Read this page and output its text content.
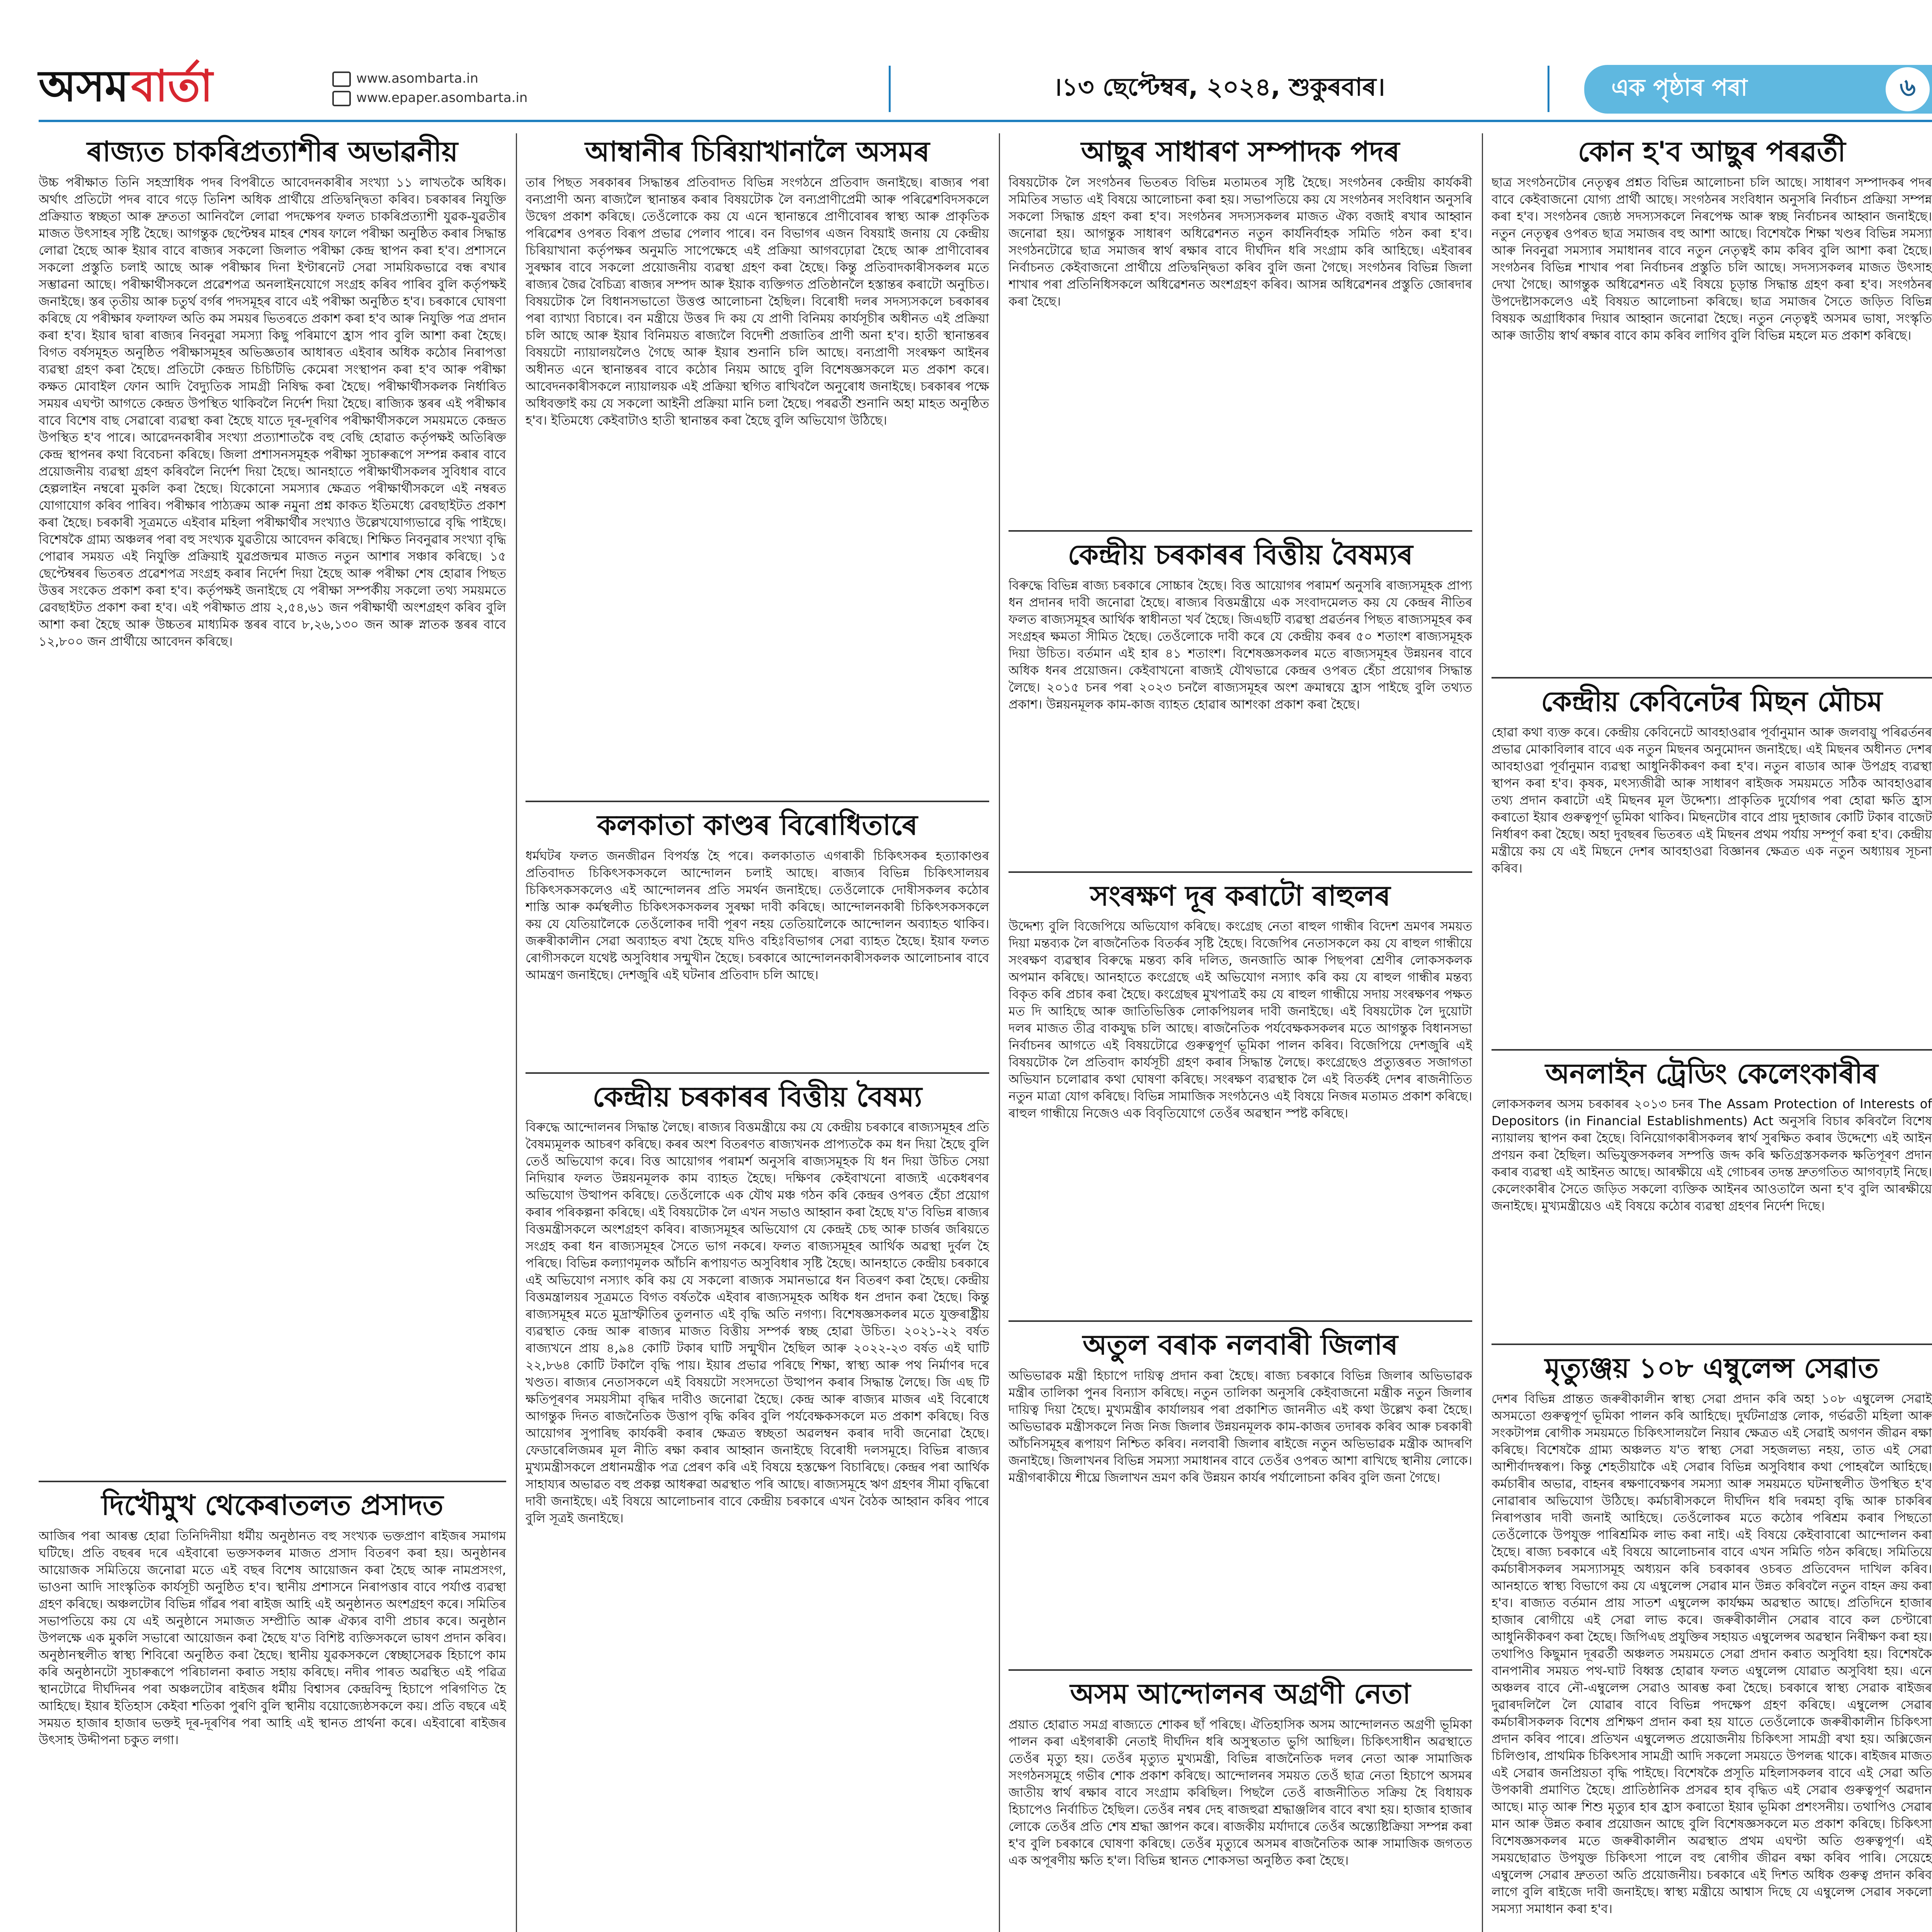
অসম বাৰ্তা	www.asombarta.in
www.epaper.asombarta.in	।১৩ ছেপ্টেম্বৰ, ২০২৪, শুকুৰবাৰ।	এক পৃষ্ঠাৰ পৰা	৬
ৰাজ্যত চাকৰিপ্ৰত্যাশীৰ অভাৱনীয়
উচ্চ পৰীক্ষাত তিনি সহস্ৰাধিক পদৰ বিপৰীতে আবেদনকাৰীৰ সংখ্যা ১১ লাখতকৈ অধিক। অৰ্থাৎ প্ৰতিটো পদৰ বাবে গড়ে তিনিশ অধিক প্ৰাৰ্থীয়ে প্ৰতিদ্বন্দ্বিতা কৰিব। চৰকাৰৰ নিযুক্তি প্ৰক্ৰিয়াত স্বচ্ছতা আৰু দ্ৰুততা আনিবলৈ লোৱা পদক্ষেপৰ ফলত চাকৰিপ্ৰত্যাশী যুৱক-যুৱতীৰ মাজত উৎসাহৰ সৃষ্টি হৈছে। আগন্তুক ছেপ্টেম্বৰ মাহৰ শেষৰ ফালে পৰীক্ষা অনুষ্ঠিত কৰাৰ সিদ্ধান্ত লোৱা হৈছে আৰু ইয়াৰ বাবে ৰাজ্যৰ সকলো জিলাত পৰীক্ষা কেন্দ্ৰ স্থাপন কৰা হ'ব। প্ৰশাসনে সকলো প্ৰস্তুতি চলাই আছে আৰু পৰীক্ষাৰ দিনা ইণ্টাৰনেট সেৱা সাময়িকভাৱে বন্ধ ৰখাৰ সম্ভাৱনা আছে। পৰীক্ষাৰ্থীসকলে প্ৰৱেশপত্ৰ অনলাইনযোগে সংগ্ৰহ কৰিব পাৰিব বুলি কৰ্তৃপক্ষই জনাইছে। স্তৰ তৃতীয় আৰু চতুৰ্থ বৰ্গৰ পদসমূহৰ বাবে এই পৰীক্ষা অনুষ্ঠিত হ'ব। চৰকাৰে ঘোষণা কৰিছে যে পৰীক্ষাৰ ফলাফল অতি কম সময়ৰ ভিতৰতে প্ৰকাশ কৰা হ'ব আৰু নিযুক্তি পত্ৰ প্ৰদান কৰা হ'ব। ইয়াৰ দ্বাৰা ৰাজ্যৰ নিবনুৱা সমস্যা কিছু পৰিমাণে হ্ৰাস পাব বুলি আশা কৰা হৈছে। বিগত বৰ্ষসমূহত অনুষ্ঠিত পৰীক্ষাসমূহৰ অভিজ্ঞতাৰ আধাৰত এইবাৰ অধিক কঠোৰ নিৰাপত্তা ব্যৱস্থা গ্ৰহণ কৰা হৈছে। প্ৰতিটো কেন্দ্ৰত চিচিটিভি কেমেৰা সংস্থাপন কৰা হ'ব আৰু পৰীক্ষা কক্ষত মোবাইল ফোন আদি বৈদ্যুতিক সামগ্ৰী নিষিদ্ধ কৰা হৈছে। পৰীক্ষাৰ্থীসকলক নিৰ্ধাৰিত সময়ৰ এঘণ্টা আগতে কেন্দ্ৰত উপস্থিত থাকিবলৈ নিৰ্দেশ দিয়া হৈছে। ৰাজ্যিক স্তৰৰ এই পৰীক্ষাৰ বাবে বিশেষ বাছ সেৱাৰো ব্যৱস্থা কৰা হৈছে যাতে দূৰ-দূৰণিৰ পৰীক্ষাৰ্থীসকলে সময়মতে কেন্দ্ৰত উপস্থিত হ'ব পাৰে। আৱেদনকাৰীৰ সংখ্যা প্ৰত্যাশাতকৈ বহু বেছি হোৱাত কৰ্তৃপক্ষই অতিৰিক্ত কেন্দ্ৰ স্থাপনৰ কথা বিবেচনা কৰিছে। জিলা প্ৰশাসনসমূহক পৰীক্ষা সুচাৰুৰূপে সম্পন্ন কৰাৰ বাবে প্ৰয়োজনীয় ব্যৱস্থা গ্ৰহণ কৰিবলৈ নিৰ্দেশ দিয়া হৈছে। আনহাতে পৰীক্ষাৰ্থীসকলৰ সুবিধাৰ বাবে হেল্পলাইন নম্বৰো মুকলি কৰা হৈছে। যিকোনো সমস্যাৰ ক্ষেত্ৰত পৰীক্ষাৰ্থীসকলে এই নম্বৰত যোগাযোগ কৰিব পাৰিব। পৰীক্ষাৰ পাঠ্যক্ৰম আৰু নমুনা প্ৰশ্ন কাকত ইতিমধ্যে ৱেবছাইটত প্ৰকাশ কৰা হৈছে। চৰকাৰী সূত্ৰমতে এইবাৰ মহিলা পৰীক্ষাৰ্থীৰ সংখ্যাও উল্লেখযোগ্যভাৱে বৃদ্ধি পাইছে। বিশেষকৈ গ্ৰাম্য অঞ্চলৰ পৰা বহু সংখ্যক যুৱতীয়ে আবেদন কৰিছে। শিক্ষিত নিবনুৱাৰ সংখ্যা বৃদ্ধি পোৱাৰ সময়ত এই নিযুক্তি প্ৰক্ৰিয়াই যুৱপ্ৰজন্মৰ মাজত নতুন আশাৰ সঞ্চাৰ কৰিছে। ১৫ ছেপ্টেম্বৰৰ ভিতৰত প্ৰৱেশপত্ৰ সংগ্ৰহ কৰাৰ নিৰ্দেশ দিয়া হৈছে আৰু পৰীক্ষা শেষ হোৱাৰ পিছত উত্তৰ সংকেত প্ৰকাশ কৰা হ'ব। কৰ্তৃপক্ষই জনাইছে যে পৰীক্ষা সম্পৰ্কীয় সকলো তথ্য সময়মতে ৱেবছাইটত প্ৰকাশ কৰা হ'ব। এই পৰীক্ষাত প্ৰায় ২,৫৪,৬১ জন পৰীক্ষাৰ্থী অংশগ্ৰহণ কৰিব বুলি আশা কৰা হৈছে আৰু উচ্চতৰ মাধ্যমিক স্তৰৰ বাবে ৮,২৬,১৩০ জন আৰু স্নাতক স্তৰৰ বাবে ১২,৮০০ জন প্ৰাৰ্থীয়ে আবেদন কৰিছে।
দিখৌমুখ থেকেৰাতলত প্ৰসাদত
আজিৰ পৰা আৰম্ভ হোৱা তিনিদিনীয়া ধৰ্মীয় অনুষ্ঠানত বহু সংখ্যক ভক্তপ্ৰাণ ৰাইজৰ সমাগম ঘটিছে। প্ৰতি বছৰৰ দৰে এইবাৰো ভক্তসকলৰ মাজত প্ৰসাদ বিতৰণ কৰা হয়। অনুষ্ঠানৰ আয়োজক সমিতিয়ে জনোৱা মতে এই বছৰ বিশেষ আয়োজন কৰা হৈছে আৰু নামপ্ৰসংগ, ভাওনা আদি সাংস্কৃতিক কাৰ্যসূচী অনুষ্ঠিত হ'ব। স্থানীয় প্ৰশাসনে নিৰাপত্তাৰ বাবে পৰ্যাপ্ত ব্যৱস্থা গ্ৰহণ কৰিছে। অঞ্চলটোৰ বিভিন্ন গাঁৱৰ পৰা ৰাইজ আহি এই অনুষ্ঠানত অংশগ্ৰহণ কৰে। সমিতিৰ সভাপতিয়ে কয় যে এই অনুষ্ঠানে সমাজত সম্প্ৰীতি আৰু ঐক্যৰ বাণী প্ৰচাৰ কৰে। অনুষ্ঠান উপলক্ষে এক মুকলি সভাৰো আয়োজন কৰা হৈছে য'ত বিশিষ্ট ব্যক্তিসকলে ভাষণ প্ৰদান কৰিব। অনুষ্ঠানস্থলীত স্বাস্থ্য শিবিৰো অনুষ্ঠিত কৰা হৈছে। স্থানীয় যুৱকসকলে স্বেচ্ছাসেৱক হিচাপে কাম কৰি অনুষ্ঠানটো সুচাৰুৰূপে পৰিচালনা কৰাত সহায় কৰিছে। নদীৰ পাৰত অৱস্থিত এই পৱিত্ৰ স্থানটোৱে দীৰ্ঘদিনৰ পৰা অঞ্চলটোৰ ৰাইজৰ ধৰ্মীয় বিশ্বাসৰ কেন্দ্ৰবিন্দু হিচাপে পৰিগণিত হৈ আহিছে। ইয়াৰ ইতিহাস কেইবা শতিকা পুৰণি বুলি স্থানীয় বয়োজ্যেষ্ঠসকলে কয়। প্ৰতি বছৰে এই সময়ত হাজাৰ হাজাৰ ভক্তই দূৰ-দূৰণিৰ পৰা আহি এই স্থানত প্ৰাৰ্থনা কৰে। এইবাৰো ৰাইজৰ উৎসাহ উদ্দীপনা চকুত লগা।
আম্বানীৰ চিৰিয়াখানালৈ অসমৰ
তাৰ পিছত সৰকাৰৰ সিদ্ধান্তৰ প্ৰতিবাদত বিভিন্ন সংগঠনে প্ৰতিবাদ জনাইছে। ৰাজ্যৰ পৰা বন্যপ্ৰাণী অন্য ৰাজ্যলৈ স্থানান্তৰ কৰাৰ বিষয়টোক লৈ বন্যপ্ৰাণীপ্ৰেমী আৰু পৰিৱেশবিদসকলে উদ্বেগ প্ৰকাশ কৰিছে। তেওঁলোকে কয় যে এনে স্থানান্তৰে প্ৰাণীবোৰৰ স্বাস্থ্য আৰু প্ৰাকৃতিক পৰিৱেশৰ ওপৰত বিৰূপ প্ৰভাৱ পেলাব পাৰে। বন বিভাগৰ এজন বিষয়াই জনায় যে কেন্দ্ৰীয় চিৰিয়াখানা কৰ্তৃপক্ষৰ অনুমতি সাপেক্ষেহে এই প্ৰক্ৰিয়া আগবঢ়োৱা হৈছে আৰু প্ৰাণীবোৰৰ সুৰক্ষাৰ বাবে সকলো প্ৰয়োজনীয় ব্যৱস্থা গ্ৰহণ কৰা হৈছে। কিন্তু প্ৰতিবাদকাৰীসকলৰ মতে ৰাজ্যৰ জৈৱ বৈচিত্ৰ্য ৰাজ্যৰ সম্পদ আৰু ইয়াক ব্যক্তিগত প্ৰতিষ্ঠানলৈ হস্তান্তৰ কৰাটো অনুচিত। বিষয়টোক লৈ বিধানসভাতো উত্তপ্ত আলোচনা হৈছিল। বিৰোধী দলৰ সদস্যসকলে চৰকাৰৰ পৰা ব্যাখ্যা বিচাৰে। বন মন্ত্ৰীয়ে উত্তৰ দি কয় যে প্ৰাণী বিনিময় কাৰ্যসূচীৰ অধীনত এই প্ৰক্ৰিয়া চলি আছে আৰু ইয়াৰ বিনিময়ত ৰাজ্যলৈ বিদেশী প্ৰজাতিৰ প্ৰাণী অনা হ'ব। হাতী স্থানান্তৰৰ বিষয়টো ন্যায়ালয়লৈও গৈছে আৰু ইয়াৰ শুনানি চলি আছে। বন্যপ্ৰাণী সংৰক্ষণ আইনৰ অধীনত এনে স্থানান্তৰৰ বাবে কঠোৰ নিয়ম আছে বুলি বিশেষজ্ঞসকলে মত প্ৰকাশ কৰে। আবেদনকাৰীসকলে ন্যায়ালয়ক এই প্ৰক্ৰিয়া স্থগিত ৰাখিবলৈ অনুৰোধ জনাইছে। চৰকাৰৰ পক্ষে অধিবক্তাই কয় যে সকলো আইনী প্ৰক্ৰিয়া মানি চলা হৈছে। পৰৱৰ্তী শুনানি অহা মাহত অনুষ্ঠিত হ'ব। ইতিমধ্যে কেইবাটাও হাতী স্থানান্তৰ কৰা হৈছে বুলি অভিযোগ উঠিছে।
কলকাতা কাণ্ডৰ বিৰোধিতাৰে
ধৰ্মঘটৰ ফলত জনজীৱন বিপৰ্যস্ত হৈ পৰে। কলকাতাত এগৰাকী চিকিৎসকৰ হত্যাকাণ্ডৰ প্ৰতিবাদত চিকিৎসকসকলে আন্দোলন চলাই আছে। ৰাজ্যৰ বিভিন্ন চিকিৎসালয়ৰ চিকিৎসকসকলেও এই আন্দোলনৰ প্ৰতি সমৰ্থন জনাইছে। তেওঁলোকে দোষীসকলৰ কঠোৰ শাস্তি আৰু কৰ্মস্থলীত চিকিৎসকসকলৰ সুৰক্ষা দাবী কৰিছে। আন্দোলনকাৰী চিকিৎসকসকলে কয় যে যেতিয়ালৈকে তেওঁলোকৰ দাবী পূৰণ নহয় তেতিয়ালৈকে আন্দোলন অব্যাহত থাকিব। জৰুৰীকালীন সেৱা অব্যাহত ৰখা হৈছে যদিও বহিঃবিভাগৰ সেৱা ব্যাহত হৈছে। ইয়াৰ ফলত ৰোগীসকলে যথেষ্ট অসুবিধাৰ সন্মুখীন হৈছে। চৰকাৰে আন্দোলনকাৰীসকলক আলোচনাৰ বাবে আমন্ত্ৰণ জনাইছে। দেশজুৰি এই ঘটনাৰ প্ৰতিবাদ চলি আছে।
কেন্দ্ৰীয় চৰকাৰৰ বিত্তীয় বৈষম্য
বিৰুদ্ধে আন্দোলনৰ সিদ্ধান্ত লৈছে। ৰাজ্যৰ বিত্তমন্ত্ৰীয়ে কয় যে কেন্দ্ৰীয় চৰকাৰে ৰাজ্যসমূহৰ প্ৰতি বৈষম্যমূলক আচৰণ কৰিছে। কৰৰ অংশ বিতৰণত ৰাজ্যখনক প্ৰাপ্যতকৈ কম ধন দিয়া হৈছে বুলি তেওঁ অভিযোগ কৰে। বিত্ত আয়োগৰ পৰামৰ্শ অনুসৰি ৰাজ্যসমূহক যি ধন দিয়া উচিত সেয়া নিদিয়াৰ ফলত উন্নয়নমূলক কাম ব্যাহত হৈছে। দক্ষিণৰ কেইবাখনো ৰাজ্যই একেধৰণৰ অভিযোগ উত্থাপন কৰিছে। তেওঁলোকে এক যৌথ মঞ্চ গঠন কৰি কেন্দ্ৰৰ ওপৰত হেঁচা প্ৰয়োগ কৰাৰ পৰিকল্পনা কৰিছে। এই বিষয়টোক লৈ এখন সভাও আহ্বান কৰা হৈছে য'ত বিভিন্ন ৰাজ্যৰ বিত্তমন্ত্ৰীসকলে অংশগ্ৰহণ কৰিব। ৰাজ্যসমূহৰ অভিযোগ যে কেন্দ্ৰই চেছ আৰু চাৰ্জৰ জৰিয়তে সংগ্ৰহ কৰা ধন ৰাজ্যসমূহৰ সৈতে ভাগ নকৰে। ফলত ৰাজ্যসমূহৰ আৰ্থিক অৱস্থা দুৰ্বল হৈ পৰিছে। বিভিন্ন কল্যাণমূলক আঁচনি ৰূপায়ণত অসুবিধাৰ সৃষ্টি হৈছে। আনহাতে কেন্দ্ৰীয় চৰকাৰে এই অভিযোগ নস্যাৎ কৰি কয় যে সকলো ৰাজ্যক সমানভাৱে ধন বিতৰণ কৰা হৈছে। কেন্দ্ৰীয় বিত্তমন্ত্ৰালয়ৰ সূত্ৰমতে বিগত বৰ্ষতকৈ এইবাৰ ৰাজ্যসমূহক অধিক ধন প্ৰদান কৰা হৈছে। কিন্তু ৰাজ্যসমূহৰ মতে মুদ্ৰাস্ফীতিৰ তুলনাত এই বৃদ্ধি অতি নগণ্য। বিশেষজ্ঞসকলৰ মতে যুক্তৰাষ্ট্ৰীয় ব্যৱস্থাত কেন্দ্ৰ আৰু ৰাজ্যৰ মাজত বিত্তীয় সম্পৰ্ক স্বচ্ছ হোৱা উচিত। ২০২১-২২ বৰ্ষত ৰাজ্যখনে প্ৰায় ৪,৯৪ কোটি টকাৰ ঘাটি সন্মুখীন হৈছিল আৰু ২০২২-২৩ বৰ্ষত এই ঘাটি ২২,৮৬৪ কোটি টকালৈ বৃদ্ধি পায়। ইয়াৰ প্ৰভাৱ পৰিছে শিক্ষা, স্বাস্থ্য আৰু পথ নিৰ্মাণৰ দৰে খণ্ডত। ৰাজ্যৰ নেতাসকলে এই বিষয়টো সংসদতো উত্থাপন কৰাৰ সিদ্ধান্ত লৈছে। জি এছ টি ক্ষতিপূৰণৰ সময়সীমা বৃদ্ধিৰ দাবীও জনোৱা হৈছে। কেন্দ্ৰ আৰু ৰাজ্যৰ মাজৰ এই বিৰোধে আগন্তুক দিনত ৰাজনৈতিক উত্তাপ বৃদ্ধি কৰিব বুলি পৰ্যবেক্ষকসকলে মত প্ৰকাশ কৰিছে। বিত্ত আয়োগৰ সুপাৰিছ কাৰ্যকৰী কৰাৰ ক্ষেত্ৰত স্বচ্ছতা অৱলম্বন কৰাৰ দাবী জনোৱা হৈছে। ফেডাৰেলিজমৰ মূল নীতি ৰক্ষা কৰাৰ আহ্বান জনাইছে বিৰোধী দলসমূহে। বিভিন্ন ৰাজ্যৰ মুখ্যমন্ত্ৰীসকলে প্ৰধানমন্ত্ৰীক পত্ৰ প্ৰেৰণ কৰি এই বিষয়ে হস্তক্ষেপ বিচাৰিছে। কেন্দ্ৰৰ পৰা আৰ্থিক সাহায্যৰ অভাৱত বহু প্ৰকল্প আধৰুৱা অৱস্থাত পৰি আছে। ৰাজ্যসমূহে ঋণ গ্ৰহণৰ সীমা বৃদ্ধিৰো দাবী জনাইছে। এই বিষয়ে আলোচনাৰ বাবে কেন্দ্ৰীয় চৰকাৰে এখন বৈঠক আহ্বান কৰিব পাৰে বুলি সূত্ৰই জনাইছে।
আছুৰ সাধাৰণ সম্পাদক পদৰ
বিষয়টোক লৈ সংগঠনৰ ভিতৰত বিভিন্ন মতামতৰ সৃষ্টি হৈছে। সংগঠনৰ কেন্দ্ৰীয় কাৰ্যকৰী সমিতিৰ সভাত এই বিষয়ে আলোচনা কৰা হয়। সভাপতিয়ে কয় যে সংগঠনৰ সংবিধান অনুসৰি সকলো সিদ্ধান্ত গ্ৰহণ কৰা হ'ব। সংগঠনৰ সদস্যসকলৰ মাজত ঐক্য বজাই ৰখাৰ আহ্বান জনোৱা হয়। আগন্তুক সাধাৰণ অধিৱেশনত নতুন কাৰ্যনিৰ্বাহক সমিতি গঠন কৰা হ'ব। সংগঠনটোৱে ছাত্ৰ সমাজৰ স্বাৰ্থ ৰক্ষাৰ বাবে দীৰ্ঘদিন ধৰি সংগ্ৰাম কৰি আহিছে। এইবাৰৰ নিৰ্বাচনত কেইবাজনো প্ৰাৰ্থীয়ে প্ৰতিদ্বন্দ্বিতা কৰিব বুলি জনা গৈছে। সংগঠনৰ বিভিন্ন জিলা শাখাৰ পৰা প্ৰতিনিধিসকলে অধিৱেশনত অংশগ্ৰহণ কৰিব। আসন্ন অধিৱেশনৰ প্ৰস্তুতি জোৰদাৰ কৰা হৈছে।
কেন্দ্ৰীয় চৰকাৰৰ বিত্তীয় বৈষম্যৰ
বিৰুদ্ধে বিভিন্ন ৰাজ্য চৰকাৰে সোচ্চাৰ হৈছে। বিত্ত আয়োগৰ পৰামৰ্শ অনুসৰি ৰাজ্যসমূহক প্ৰাপ্য ধন প্ৰদানৰ দাবী জনোৱা হৈছে। ৰাজ্যৰ বিত্তমন্ত্ৰীয়ে এক সংবাদমেলত কয় যে কেন্দ্ৰৰ নীতিৰ ফলত ৰাজ্যসমূহৰ আৰ্থিক স্বাধীনতা খৰ্ব হৈছে। জিএছটি ব্যৱস্থা প্ৰৱৰ্তনৰ পিছত ৰাজ্যসমূহৰ কৰ সংগ্ৰহৰ ক্ষমতা সীমিত হৈছে। তেওঁলোকে দাবী কৰে যে কেন্দ্ৰীয় কৰৰ ৫০ শতাংশ ৰাজ্যসমূহক দিয়া উচিত। বৰ্তমান এই হাৰ ৪১ শতাংশ। বিশেষজ্ঞসকলৰ মতে ৰাজ্যসমূহৰ উন্নয়নৰ বাবে অধিক ধনৰ প্ৰয়োজন। কেইবাখনো ৰাজ্যই যৌথভাৱে কেন্দ্ৰৰ ওপৰত হেঁচা প্ৰয়োগৰ সিদ্ধান্ত লৈছে। ২০১৫ চনৰ পৰা ২০২৩ চনলৈ ৰাজ্যসমূহৰ অংশ ক্ৰমান্বয়ে হ্ৰাস পাইছে বুলি তথ্যত প্ৰকাশ। উন্নয়নমূলক কাম-কাজ ব্যাহত হোৱাৰ আশংকা প্ৰকাশ কৰা হৈছে।
সংৰক্ষণ দূৰ কৰাটো ৰাহুলৰ
উদ্দেশ্য বুলি বিজেপিয়ে অভিযোগ কৰিছে। কংগ্ৰেছ নেতা ৰাহুল গান্ধীৰ বিদেশ ভ্ৰমণৰ সময়ত দিয়া মন্তব্যক লৈ ৰাজনৈতিক বিতৰ্কৰ সৃষ্টি হৈছে। বিজেপিৰ নেতাসকলে কয় যে ৰাহুল গান্ধীয়ে সংৰক্ষণ ব্যৱস্থাৰ বিৰুদ্ধে মন্তব্য কৰি দলিত, জনজাতি আৰু পিছপৰা শ্ৰেণীৰ লোকসকলক অপমান কৰিছে। আনহাতে কংগ্ৰেছে এই অভিযোগ নস্যাৎ কৰি কয় যে ৰাহুল গান্ধীৰ মন্তব্য বিকৃত কৰি প্ৰচাৰ কৰা হৈছে। কংগ্ৰেছৰ মুখপাত্ৰই কয় যে ৰাহুল গান্ধীয়ে সদায় সংৰক্ষণৰ পক্ষত মত দি আহিছে আৰু জাতিভিত্তিক লোকপিয়লৰ দাবী জনাইছে। এই বিষয়টোক লৈ দুয়োটা দলৰ মাজত তীব্ৰ বাকযুদ্ধ চলি আছে। ৰাজনৈতিক পৰ্যবেক্ষকসকলৰ মতে আগন্তুক বিধানসভা নিৰ্বাচনৰ আগতে এই বিষয়টোৱে গুৰুত্বপূৰ্ণ ভূমিকা পালন কৰিব। বিজেপিয়ে দেশজুৰি এই বিষয়টোক লৈ প্ৰতিবাদ কাৰ্যসূচী গ্ৰহণ কৰাৰ সিদ্ধান্ত লৈছে। কংগ্ৰেছেও প্ৰত্যুত্তৰত সজাগতা অভিযান চলোৱাৰ কথা ঘোষণা কৰিছে। সংৰক্ষণ ব্যৱস্থাক লৈ এই বিতৰ্কই দেশৰ ৰাজনীতিত নতুন মাত্ৰা যোগ কৰিছে। বিভিন্ন সামাজিক সংগঠনেও এই বিষয়ে নিজৰ মতামত প্ৰকাশ কৰিছে। ৰাহুল গান্ধীয়ে নিজেও এক বিবৃতিযোগে তেওঁৰ অৱস্থান স্পষ্ট কৰিছে।
অতুল বৰাক নলবাৰী জিলাৰ
অভিভাৱক মন্ত্ৰী হিচাপে দায়িত্ব প্ৰদান কৰা হৈছে। ৰাজ্য চৰকাৰে বিভিন্ন জিলাৰ অভিভাৱক মন্ত্ৰীৰ তালিকা পুনৰ বিন্যাস কৰিছে। নতুন তালিকা অনুসৰি কেইবাজনো মন্ত্ৰীক নতুন জিলাৰ দায়িত্ব দিয়া হৈছে। মুখ্যমন্ত্ৰীৰ কাৰ্যালয়ৰ পৰা প্ৰকাশিত জাননীত এই কথা উল্লেখ কৰা হৈছে। অভিভাৱক মন্ত্ৰীসকলে নিজ নিজ জিলাৰ উন্নয়নমূলক কাম-কাজৰ তদাৰক কৰিব আৰু চৰকাৰী আঁচনিসমূহৰ ৰূপায়ণ নিশ্চিত কৰিব। নলবাৰী জিলাৰ ৰাইজে নতুন অভিভাৱক মন্ত্ৰীক আদৰণি জনাইছে। জিলাখনৰ বিভিন্ন সমস্যা সমাধানৰ বাবে তেওঁৰ ওপৰত আশা ৰাখিছে স্থানীয় লোকে। মন্ত্ৰীগৰাকীয়ে শীঘ্ৰে জিলাখন ভ্ৰমণ কৰি উন্নয়ন কাৰ্যৰ পৰ্যালোচনা কৰিব বুলি জনা গৈছে।
অসম আন্দোলনৰ অগ্ৰণী নেতা
প্ৰয়াত হোৱাত সমগ্ৰ ৰাজ্যতে শোকৰ ছাঁ পৰিছে। ঐতিহাসিক অসম আন্দোলনত অগ্ৰণী ভূমিকা পালন কৰা এইগৰাকী নেতাই দীৰ্ঘদিন ধৰি অসুস্থতাত ভুগি আছিল। চিকিৎসাধীন অৱস্থাতে তেওঁৰ মৃত্যু হয়। তেওঁৰ মৃত্যুত মুখ্যমন্ত্ৰী, বিভিন্ন ৰাজনৈতিক দলৰ নেতা আৰু সামাজিক সংগঠনসমূহে গভীৰ শোক প্ৰকাশ কৰিছে। আন্দোলনৰ সময়ত তেওঁ ছাত্ৰ নেতা হিচাপে অসমৰ জাতীয় স্বাৰ্থ ৰক্ষাৰ বাবে সংগ্ৰাম কৰিছিল। পিছলৈ তেওঁ ৰাজনীতিত সক্ৰিয় হৈ বিধায়ক হিচাপেও নিৰ্বাচিত হৈছিল। তেওঁৰ নশ্বৰ দেহ ৰাজহুৱা শ্ৰদ্ধাঞ্জলিৰ বাবে ৰখা হয়। হাজাৰ হাজাৰ লোকে তেওঁৰ প্ৰতি শেষ শ্ৰদ্ধা জ্ঞাপন কৰে। ৰাজকীয় মৰ্যাদাৰে তেওঁৰ অন্ত্যেষ্টিক্ৰিয়া সম্পন্ন কৰা হ'ব বুলি চৰকাৰে ঘোষণা কৰিছে। তেওঁৰ মৃত্যুৰে অসমৰ ৰাজনৈতিক আৰু সামাজিক জগতত এক অপূৰণীয় ক্ষতি হ'ল। বিভিন্ন স্থানত শোকসভা অনুষ্ঠিত কৰা হৈছে।
কোন হ'ব আছুৰ পৰৱৰ্তী
ছাত্ৰ সংগঠনটোৰ নেতৃত্বৰ প্ৰশ্নত বিভিন্ন আলোচনা চলি আছে। সাধাৰণ সম্পাদকৰ পদৰ বাবে কেইবাজনো যোগ্য প্ৰাৰ্থী আছে। সংগঠনৰ সংবিধান অনুসৰি নিৰ্বাচন প্ৰক্ৰিয়া সম্পন্ন কৰা হ'ব। সংগঠনৰ জ্যেষ্ঠ সদস্যসকলে নিৰপেক্ষ আৰু স্বচ্ছ নিৰ্বাচনৰ আহ্বান জনাইছে। নতুন নেতৃত্বৰ ওপৰত ছাত্ৰ সমাজৰ বহু আশা আছে। বিশেষকৈ শিক্ষা খণ্ডৰ বিভিন্ন সমস্যা আৰু নিবনুৱা সমস্যাৰ সমাধানৰ বাবে নতুন নেতৃত্বই কাম কৰিব বুলি আশা কৰা হৈছে। সংগঠনৰ বিভিন্ন শাখাৰ পৰা নিৰ্বাচনৰ প্ৰস্তুতি চলি আছে। সদস্যসকলৰ মাজত উৎসাহ দেখা গৈছে। আগন্তুক অধিৱেশনত এই বিষয়ে চূড়ান্ত সিদ্ধান্ত গ্ৰহণ কৰা হ'ব। সংগঠনৰ উপদেষ্টাসকলেও এই বিষয়ত আলোচনা কৰিছে। ছাত্ৰ সমাজৰ সৈতে জড়িত বিভিন্ন বিষয়ক অগ্ৰাধিকাৰ দিয়াৰ আহ্বান জনোৱা হৈছে। নতুন নেতৃত্বই অসমৰ ভাষা, সংস্কৃতি আৰু জাতীয় স্বাৰ্থ ৰক্ষাৰ বাবে কাম কৰিব লাগিব বুলি বিভিন্ন মহলে মত প্ৰকাশ কৰিছে।
কেন্দ্ৰীয় কেবিনেটৰ মিছন মৌচম
হোৱা কথা ব্যক্ত কৰে। কেন্দ্ৰীয় কেবিনেটে আবহাওৱাৰ পূৰ্বানুমান আৰু জলবায়ু পৰিৱৰ্তনৰ প্ৰভাৱ মোকাবিলাৰ বাবে এক নতুন মিছনৰ অনুমোদন জনাইছে। এই মিছনৰ অধীনত দেশৰ আবহাওৱা পূৰ্বানুমান ব্যৱস্থা আধুনিকীকৰণ কৰা হ'ব। নতুন ৰাডাৰ আৰু উপগ্ৰহ ব্যৱস্থা স্থাপন কৰা হ'ব। কৃষক, মৎস্যজীৱী আৰু সাধাৰণ ৰাইজক সময়মতে সঠিক আবহাওৱাৰ তথ্য প্ৰদান কৰাটো এই মিছনৰ মূল উদ্দেশ্য। প্ৰাকৃতিক দুৰ্যোগৰ পৰা হোৱা ক্ষতি হ্ৰাস কৰাতো ইয়াৰ গুৰুত্বপূৰ্ণ ভূমিকা থাকিব। মিছনটোৰ বাবে প্ৰায় দুহাজাৰ কোটি টকাৰ বাজেট নিৰ্ধাৰণ কৰা হৈছে। অহা দুবছৰৰ ভিতৰত এই মিছনৰ প্ৰথম পৰ্যায় সম্পূৰ্ণ কৰা হ'ব। কেন্দ্ৰীয় মন্ত্ৰীয়ে কয় যে এই মিছনে দেশৰ আবহাওৱা বিজ্ঞানৰ ক্ষেত্ৰত এক নতুন অধ্যায়ৰ সূচনা কৰিব।
অনলাইন ট্ৰেডিং কেলেংকাৰীৰ
লোকসকলৰ অসম চৰকাৰৰ ২০১৩ চনৰ The Assam Protection of Interests of Depositors (in Financial Establishments) Act অনুসৰি বিচাৰ কৰিবলৈ বিশেষ ন্যায়ালয় স্থাপন কৰা হৈছে। বিনিয়োগকাৰীসকলৰ স্বাৰ্থ সুৰক্ষিত কৰাৰ উদ্দেশ্যে এই আইন প্ৰণয়ন কৰা হৈছিল। অভিযুক্তসকলৰ সম্পত্তি জব্দ কৰি ক্ষতিগ্ৰস্তসকলক ক্ষতিপূৰণ প্ৰদান কৰাৰ ব্যৱস্থা এই আইনত আছে। আৰক্ষীয়ে এই গোচৰৰ তদন্ত দ্ৰুতগতিত আগবঢ়াই নিছে। কেলেংকাৰীৰ সৈতে জড়িত সকলো ব্যক্তিক আইনৰ আওতালৈ অনা হ'ব বুলি আৰক্ষীয়ে জনাইছে। মুখ্যমন্ত্ৰীয়েও এই বিষয়ে কঠোৰ ব্যৱস্থা গ্ৰহণৰ নিৰ্দেশ দিছে।
মৃত্যুঞ্জয় ১০৮ এম্বুলেন্স সেৱাত
দেশৰ বিভিন্ন প্ৰান্তত জৰুৰীকালীন স্বাস্থ্য সেৱা প্ৰদান কৰি অহা ১০৮ এম্বুলেন্স সেৱাই অসমতো গুৰুত্বপূৰ্ণ ভূমিকা পালন কৰি আহিছে। দুৰ্ঘটনাগ্ৰস্ত লোক, গৰ্ভৱতী মহিলা আৰু সংকটাপন্ন ৰোগীক সময়মতে চিকিৎসালয়লৈ নিয়াৰ ক্ষেত্ৰত এই সেৱাই অগণন জীৱন ৰক্ষা কৰিছে। বিশেষকৈ গ্ৰাম্য অঞ্চলত য'ত স্বাস্থ্য সেৱা সহজলভ্য নহয়, তাত এই সেৱা আশীৰ্বাদস্বৰূপ। কিন্তু শেহতীয়াকৈ এই সেৱাৰ বিভিন্ন অসুবিধাৰ কথা পোহৰলৈ আহিছে। কৰ্মচাৰীৰ অভাৱ, বাহনৰ ৰক্ষণাবেক্ষণৰ সমস্যা আৰু সময়মতে ঘটনাস্থলীত উপস্থিত হ'ব নোৱাৰাৰ অভিযোগ উঠিছে। কৰ্মচাৰীসকলে দীৰ্ঘদিন ধৰি দৰমহা বৃদ্ধি আৰু চাকৰিৰ নিৰাপত্তাৰ দাবী জনাই আহিছে। তেওঁলোকৰ মতে কঠোৰ পৰিশ্ৰম কৰাৰ পিছতো তেওঁলোকে উপযুক্ত পাৰিশ্ৰমিক লাভ কৰা নাই। এই বিষয়ে কেইবাবাৰো আন্দোলন কৰা হৈছে। ৰাজ্য চৰকাৰে এই বিষয়ে আলোচনাৰ বাবে এখন সমিতি গঠন কৰিছে। সমিতিয়ে কৰ্মচাৰীসকলৰ সমস্যাসমূহ অধ্যয়ন কৰি চৰকাৰৰ ওচৰত প্ৰতিবেদন দাখিল কৰিব। আনহাতে স্বাস্থ্য বিভাগে কয় যে এম্বুলেন্স সেৱাৰ মান উন্নত কৰিবলৈ নতুন বাহন ক্ৰয় কৰা হ'ব। ৰাজ্যত বৰ্তমান প্ৰায় সাতশ এম্বুলেন্স কাৰ্যক্ষম অৱস্থাত আছে। প্ৰতিদিনে হাজাৰ হাজাৰ ৰোগীয়ে এই সেৱা লাভ কৰে। জৰুৰীকালীন সেৱাৰ বাবে কল চেণ্টাৰো আধুনিকীকৰণ কৰা হৈছে। জিপিএছ প্ৰযুক্তিৰ সহায়ত এম্বুলেন্সৰ অৱস্থান নিৰীক্ষণ কৰা হয়। তথাপিও কিছুমান দূৰৱৰ্তী অঞ্চলত সময়মতে সেৱা প্ৰদান কৰাত অসুবিধা হয়। বিশেষকৈ বানপানীৰ সময়ত পথ-ঘাট বিধ্বস্ত হোৱাৰ ফলত এম্বুলেন্স যোৱাত অসুবিধা হয়। এনে অঞ্চলৰ বাবে নৌ-এম্বুলেন্স সেৱাও আৰম্ভ কৰা হৈছে। চৰকাৰে স্বাস্থ্য সেৱাক ৰাইজৰ দুৱাৰদলিলৈ লৈ যোৱাৰ বাবে বিভিন্ন পদক্ষেপ গ্ৰহণ কৰিছে। এম্বুলেন্স সেৱাৰ কৰ্মচাৰীসকলক বিশেষ প্ৰশিক্ষণ প্ৰদান কৰা হয় যাতে তেওঁলোকে জৰুৰীকালীন চিকিৎসা প্ৰদান কৰিব পাৰে। প্ৰতিখন এম্বুলেন্সত প্ৰয়োজনীয় চিকিৎসা সামগ্ৰী ৰখা হয়। অক্সিজেন চিলিণ্ডাৰ, প্ৰাথমিক চিকিৎসাৰ সামগ্ৰী আদি সকলো সময়তে উপলব্ধ থাকে। ৰাইজৰ মাজত এই সেৱাৰ জনপ্ৰিয়তা বৃদ্ধি পাইছে। বিশেষকৈ প্ৰসূতি মহিলাসকলৰ বাবে এই সেৱা অতি উপকাৰী প্ৰমাণিত হৈছে। প্ৰাতিষ্ঠানিক প্ৰসৱৰ হাৰ বৃদ্ধিত এই সেৱাৰ গুৰুত্বপূৰ্ণ অৱদান আছে। মাতৃ আৰু শিশু মৃত্যুৰ হাৰ হ্ৰাস কৰাতো ইয়াৰ ভূমিকা প্ৰশংসনীয়। তথাপিও সেৱাৰ মান আৰু উন্নত কৰাৰ প্ৰয়োজন আছে বুলি বিশেষজ্ঞসকলে মত প্ৰকাশ কৰিছে। চিকিৎসা বিশেষজ্ঞসকলৰ মতে জৰুৰীকালীন অৱস্থাত প্ৰথম এঘণ্টা অতি গুৰুত্বপূৰ্ণ। এই সময়ছোৱাত উপযুক্ত চিকিৎসা পালে বহু ৰোগীৰ জীৱন ৰক্ষা কৰিব পাৰি। সেয়েহে এম্বুলেন্স সেৱাৰ দ্ৰুততা অতি প্ৰয়োজনীয়। চৰকাৰে এই দিশত অধিক গুৰুত্ব প্ৰদান কৰিব লাগে বুলি ৰাইজে দাবী জনাইছে। স্বাস্থ্য মন্ত্ৰীয়ে আশ্বাস দিছে যে এম্বুলেন্স সেৱাৰ সকলো সমস্যা সমাধান কৰা হ'ব।
